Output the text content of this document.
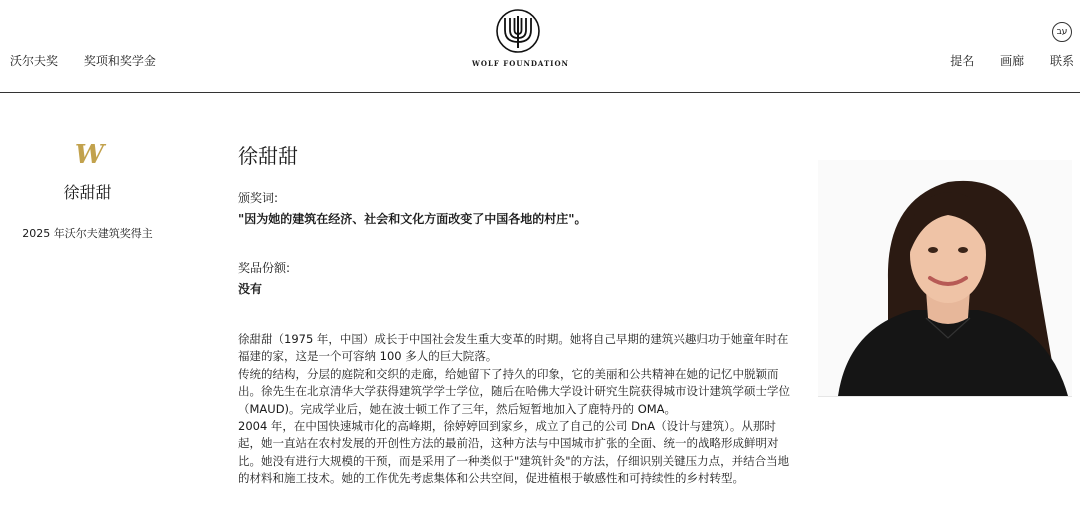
沃尔夫奖 奖项和奖学金	WOLF FOUNDATION
עב
提名 画廊 联系
W
徐甜甜
2025 年沃尔夫建筑奖得主
徐甜甜
颁奖词:
"因为她的建筑在经济、社会和文化方面改变了中国各地的村庄"。
奖品份额:
没有

徐甜甜（1975 年，中国）成长于中国社会发生重大变革的时期。她将自己早期的建筑兴趣归功于她童年时在福建的家，这是一个可容纳 100 多人的巨大院落。

传统的结构，分层的庭院和交织的走廊，给她留下了持久的印象，它的美丽和公共精神在她的记忆中脱颖而出。徐先生在北京清华大学获得建筑学学士学位，随后在哈佛大学设计研究生院获得城市设计建筑学硕士学位（MAUD)。完成学业后，她在波士顿工作了三年，然后短暂地加入了鹿特丹的 OMA。

2004 年，在中国快速城市化的高峰期，徐婷婷回到家乡，成立了自己的公司 DnA（设计与建筑）。从那时起，她一直站在农村发展的开创性方法的最前沿，这种方法与中国城市扩张的全面、统一的战略形成鲜明对比。她没有进行大规模的干预，而是采用了一种类似于"建筑针灸"的方法，仔细识别关键压力点，并结合当地的材料和施工技术。她的工作优先考虑集体和公共空间，促进植根于敏感性和可持续性的乡村转型。
